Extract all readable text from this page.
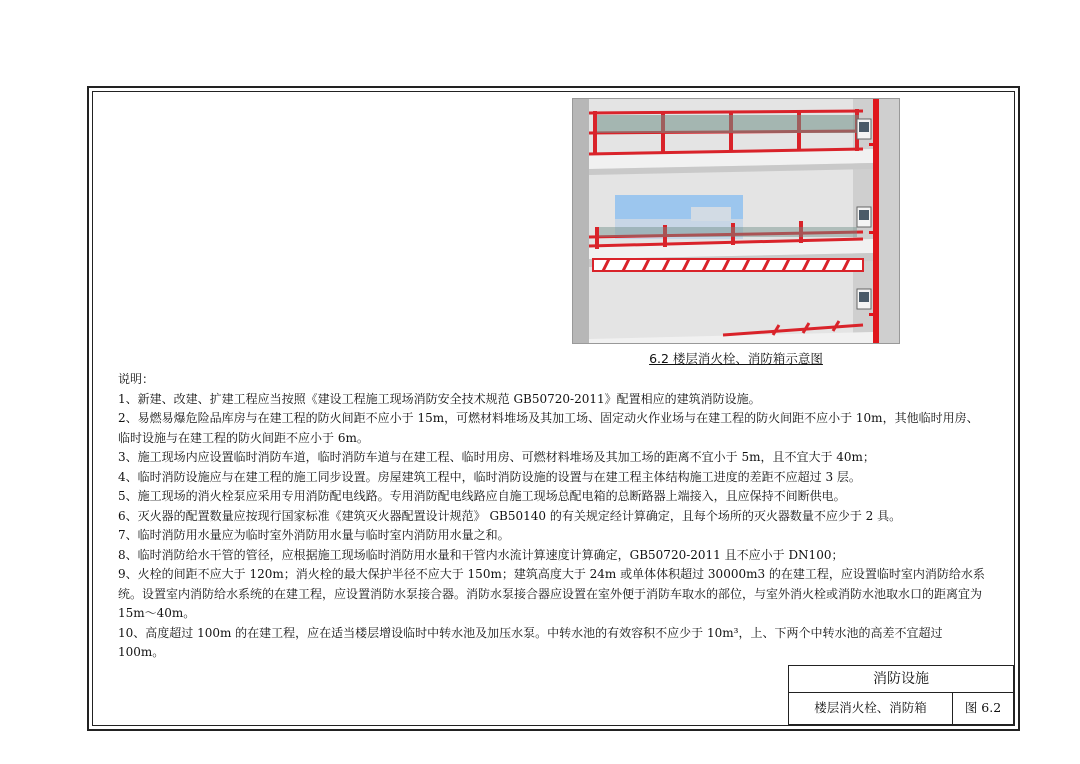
6.2 楼层消火栓、消防箱示意图

说明：

1、新建、改建、扩建工程应当按照《建设工程施工现场消防安全技术规范 GB50720-2011》配置相应的建筑消防设施。

2、易燃易爆危险品库房与在建工程的防火间距不应小于 15m，可燃材料堆场及其加工场、固定动火作业场与在建工程的防火间距不应小于 10m，其他临时用房、临时设施与在建工程的防火间距不应小于 6m。

3、施工现场内应设置临时消防车道，临时消防车道与在建工程、临时用房、可燃材料堆场及其加工场的距离不宜小于 5m，且不宜大于 40m；

4、临时消防设施应与在建工程的施工同步设置。房屋建筑工程中，临时消防设施的设置与在建工程主体结构施工进度的差距不应超过 3 层。

5、施工现场的消火栓泵应采用专用消防配电线路。专用消防配电线路应自施工现场总配电箱的总断路器上端接入，且应保持不间断供电。

6、灭火器的配置数量应按现行国家标准《建筑灭火器配置设计规范》 GB50140 的有关规定经计算确定，且每个场所的灭火器数量不应少于 2 具。

7、临时消防用水量应为临时室外消防用水量与临时室内消防用水量之和。

8、临时消防给水干管的管径，应根据施工现场临时消防用水量和干管内水流计算速度计算确定，GB50720-2011 且不应小于 DN100；

9、火栓的间距不应大于 120m；消火栓的最大保护半径不应大于 150m；建筑高度大于 24m 或单体体积超过 30000m3 的在建工程，应设置临时室内消防给水系统。设置室内消防给水系统的在建工程，应设置消防水泵接合器。消防水泵接合器应设置在室外便于消防车取水的部位，与室外消火栓或消防水池取水口的距离宜为 15m～40m。

10、高度超过 100m 的在建工程，应在适当楼层增设临时中转水池及加压水泵。中转水池的有效容积不应少于 10m³，上、下两个中转水池的高差不宜超过 100m。

消防设施
楼层消火栓、消防箱	图 6.2
